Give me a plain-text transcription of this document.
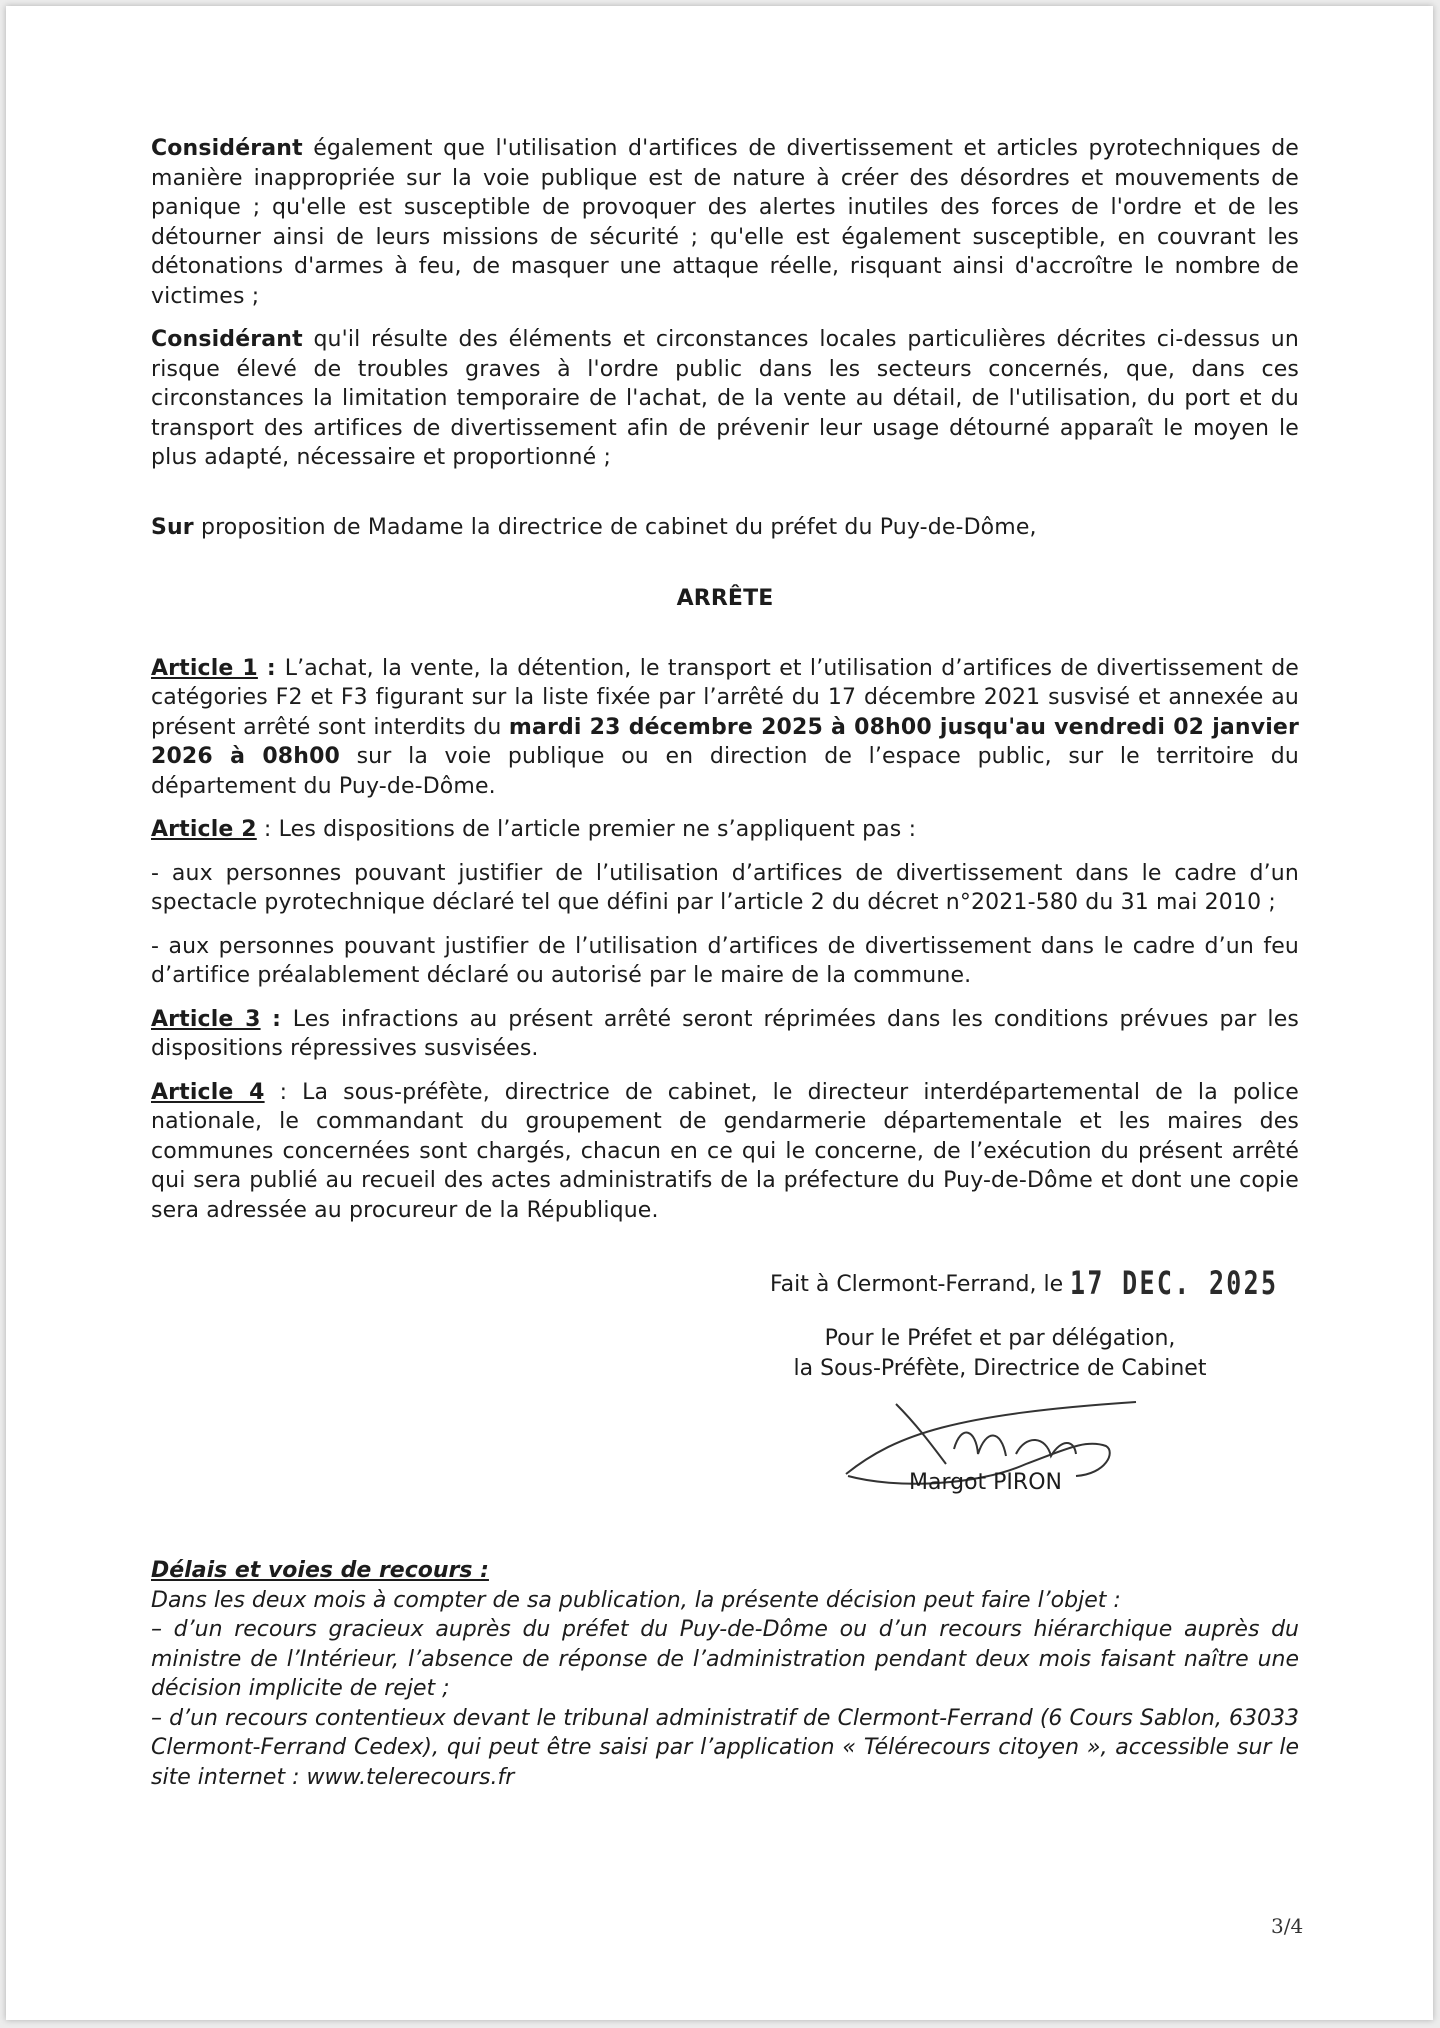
Considérant également que l'utilisation d'artifices de divertissement et articles pyrotechniques de manière inappropriée sur la voie publique est de nature à créer des désordres et mouvements de panique ; qu'elle est susceptible de provoquer des alertes inutiles des forces de l'ordre et de les détourner ainsi de leurs missions de sécurité ; qu'elle est également susceptible, en couvrant les détonations d'armes à feu, de masquer une attaque réelle, risquant ainsi d'accroître le nombre de victimes ;

Considérant qu'il résulte des éléments et circonstances locales particulières décrites ci-dessus un risque élevé de troubles graves à l'ordre public dans les secteurs concernés, que, dans ces circonstances la limitation temporaire de l'achat, de la vente au détail, de l'utilisation, du port et du transport des artifices de divertissement afin de prévenir leur usage détourné apparaît le moyen le plus adapté, nécessaire et proportionné ;

Sur proposition de Madame la directrice de cabinet du préfet du Puy-de-Dôme,

ARRÊTE

Article 1 : L’achat, la vente, la détention, le transport et l’utilisation d’artifices de divertissement de catégories F2 et F3 figurant sur la liste fixée par l’arrêté du 17 décembre 2021 susvisé et annexée au présent arrêté sont interdits du mardi 23 décembre 2025 à 08h00 jusqu'au vendredi 02 janvier 2026 à 08h00 sur la voie publique ou en direction de l’espace public, sur le territoire du département du Puy-de-Dôme.

Article 2 : Les dispositions de l’article premier ne s’appliquent pas :

- aux personnes pouvant justifier de l’utilisation d’artifices de divertissement dans le cadre d’un spectacle pyrotechnique déclaré tel que défini par l’article 2 du décret n°2021-580 du 31 mai 2010 ;

- aux personnes pouvant justifier de l’utilisation d’artifices de divertissement dans le cadre d’un feu d’artifice préalablement déclaré ou autorisé par le maire de la commune.

Article 3 : Les infractions au présent arrêté seront réprimées dans les conditions prévues par les dispositions répressives susvisées.

Article 4 : La sous-préfète, directrice de cabinet, le directeur interdépartemental de la police nationale, le commandant du groupement de gendarmerie départementale et les maires des communes concernées sont chargés, chacun en ce qui le concerne, de l’exécution du présent arrêté qui sera publié au recueil des actes administratifs de la préfecture du Puy-de-Dôme et dont une copie sera adressée au procureur de la République.

Fait à Clermont-Ferrand, le 17 DEC. 2025
Pour le Préfet et par délégation,
la Sous-Préfète, Directrice de Cabinet
Margot PIRON

Délais et voies de recours :

Dans les deux mois à compter de sa publication, la présente décision peut faire l’objet :

– d’un recours gracieux auprès du préfet du Puy-de-Dôme ou d’un recours hiérarchique auprès du ministre de l’Intérieur, l’absence de réponse de l’administration pendant deux mois faisant naître une décision implicite de rejet ;

– d’un recours contentieux devant le tribunal administratif de Clermont-Ferrand (6 Cours Sablon, 63033 Clermont-Ferrand Cedex), qui peut être saisi par l’application « Télérecours citoyen », accessible sur le site internet : www.telerecours.fr

3/4
